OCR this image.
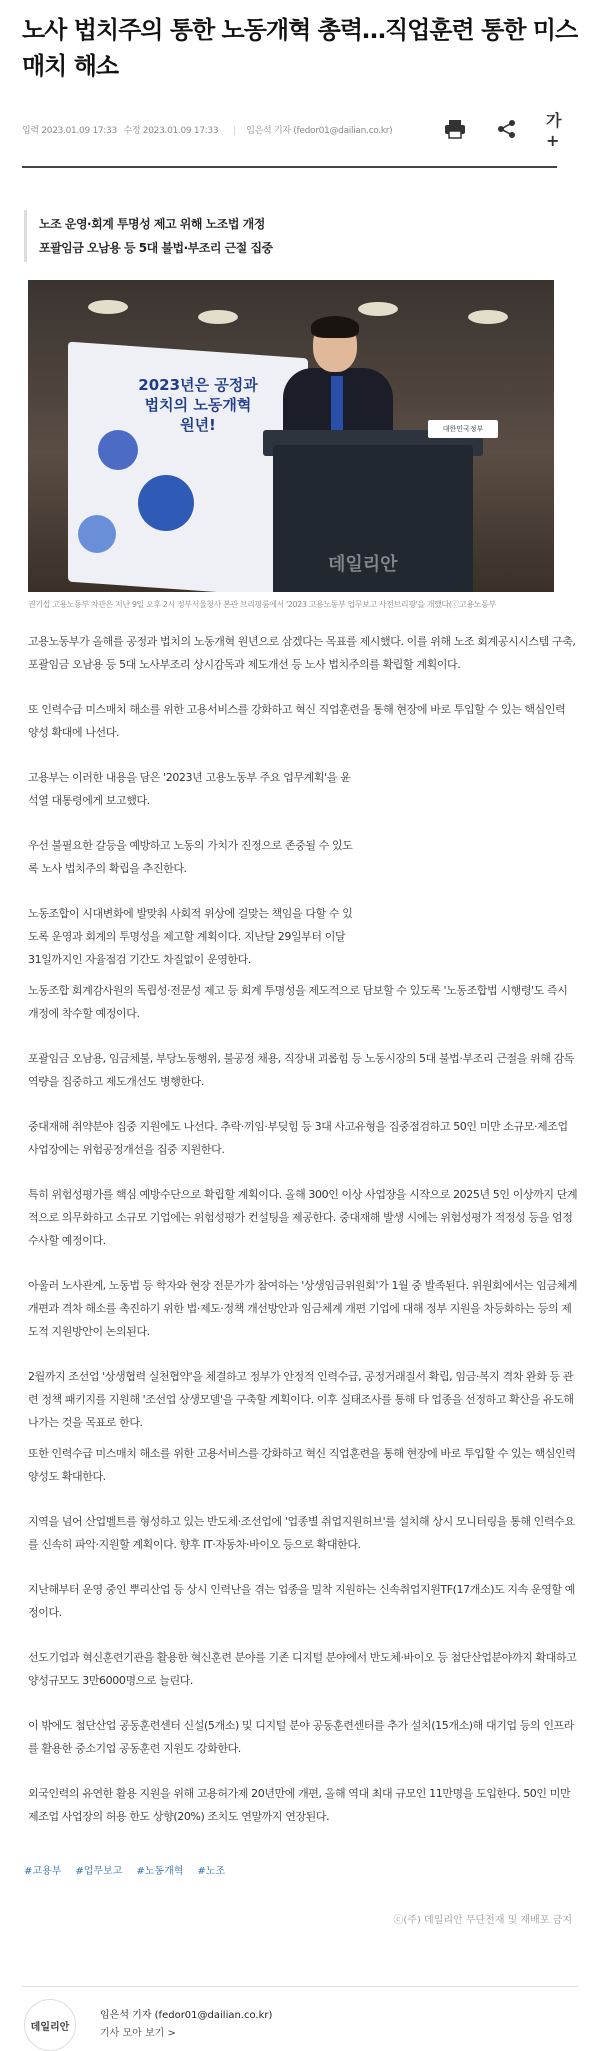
노사 법치주의 통한 노동개혁 총력…직업훈련 통한 미스매치 해소
입력 2023.01.09 17:33 수정 2023.01.09 17:33 | 임은석 기자 (fedor01@dailian.co.kr)
가+

노조 운영·회계 투명성 제고 위해 노조법 개정

포괄임금 오남용 등 5대 불법·부조리 근절 집중

2023년은 공정과 법치의 노동개혁 원년!	대한민국정부
데일리안

권기섭 고용노동부 차관은 지난 9일 오후 2시 정부서울청사 본관 브리핑룸에서 '2023 고용노동부 업무보고 사전브리핑'을 개했다(ⓒ고용노동부

고용노동부가 올해를 공정과 법치의 노동개혁 원년으로 삼겠다는 목표를 제시했다. 이를 위해 노조 회계공시시스템 구축, 포괄임금 오남용 등 5대 노사부조리 상시감독과 제도개선 등 노사 법치주의를 확립할 계획이다.

또 인력수급 미스매치 해소를 위한 고용서비스를 강화하고 혁신 직업훈련을 통해 현장에 바로 투입할 수 있는 핵심인력 양성 확대에 나선다.

고용부는 이러한 내용을 담은 '2023년 고용노동부 주요 업무계획'을 윤석열 대통령에게 보고했다.

우선 불필요한 갈등을 예방하고 노동의 가치가 진정으로 존중될 수 있도록 노사 법치주의 확립을 추진한다.

노동조합이 시대변화에 발맞춰 사회적 위상에 걸맞는 책임을 다할 수 있도록 운영과 회계의 투명성을 제고할 계획이다. 지난달 29일부터 이달 31일까지인 자율점검 기간도 차질없이 운영한다.

노동조합 회계감사원의 독립성·전문성 제고 등 회계 투명성을 제도적으로 담보할 수 있도록 '노동조합법 시행령'도 즉시 개정에 착수할 예정이다.

포괄임금 오남용, 임금체불, 부당노동행위, 불공정 채용, 직장내 괴롭힘 등 노동시장의 5대 불법·부조리 근절을 위해 감독 역량을 집중하고 제도개선도 병행한다.

중대재해 취약분야 집중 지원에도 나선다. 추락·끼임·부딪힘 등 3대 사고유형을 집중점검하고 50인 미만 소규모·제조업 사업장에는 위험공정개선을 집중 지원한다.

특히 위험성평가를 핵심 예방수단으로 확립할 계획이다. 올해 300인 이상 사업장을 시작으로 2025년 5인 이상까지 단계적으로 의무화하고 소규모 기업에는 위험성평가 컨설팅을 제공한다. 중대재해 발생 시에는 위험성평가 적정성 등을 엄정 수사할 예정이다.

아울러 노사관계, 노동법 등 학자와 현장 전문가가 참여하는 '상생임금위원회'가 1월 중 발족된다. 위원회에서는 임금체계 개편과 격차 해소를 촉진하기 위한 법·제도·정책 개선방안과 임금체계 개편 기업에 대해 정부 지원을 차등화하는 등의 제도적 지원방안이 논의된다.

2월까지 조선업 '상생협력 실천협약'을 체결하고 정부가 안정적 인력수급, 공정거래질서 확립, 임금·복지 격차 완화 등 관련 정책 패키지를 지원해 '조선업 상생모델'을 구축할 계획이다. 이후 실태조사를 통해 타 업종을 선정하고 확산을 유도해 나가는 것을 목표로 한다.

또한 인력수급 미스매치 해소를 위한 고용서비스를 강화하고 혁신 직업훈련을 통해 현장에 바로 투입할 수 있는 핵심인력 양성도 확대한다.

지역을 넘어 산업벨트를 형성하고 있는 반도체·조선업에 '업종별 취업지원허브'를 설치해 상시 모니터링을 통해 인력수요를 신속히 파악·지원할 계획이다. 향후 IT·자동차·바이오 등으로 확대한다.

지난해부터 운영 중인 뿌리산업 등 상시 인력난을 겪는 업종을 밀착 지원하는 신속취업지원TF(17개소)도 지속 운영할 예정이다.

선도기업과 혁신훈련기관을 활용한 혁신훈련 분야를 기존 디지털 분야에서 반도체·바이오 등 첨단산업분야까지 확대하고 양성규모도 3만6000명으로 늘린다.

이 밖에도 첨단산업 공동훈련센터 신설(5개소) 및 디지털 분야 공동훈련센터를 추가 설치(15개소)해 대기업 등의 인프라를 활용한 중소기업 공동훈련 지원도 강화한다.

외국인력의 유연한 활용 지원을 위해 고용허가제 20년만에 개편, 올해 역대 최대 규모인 11만명을 도입한다. 50인 미만 제조업 사업장의 허용 한도 상향(20%) 조치도 연말까지 연장된다.

#고용부 #업무보고 #노동개혁 #노조

ⓒ(주) 데일리안 무단전재 및 재배포 금지

데일리안

임은석 기자 (fedor01@dailian.co.kr)

기사 모아 보기 >
